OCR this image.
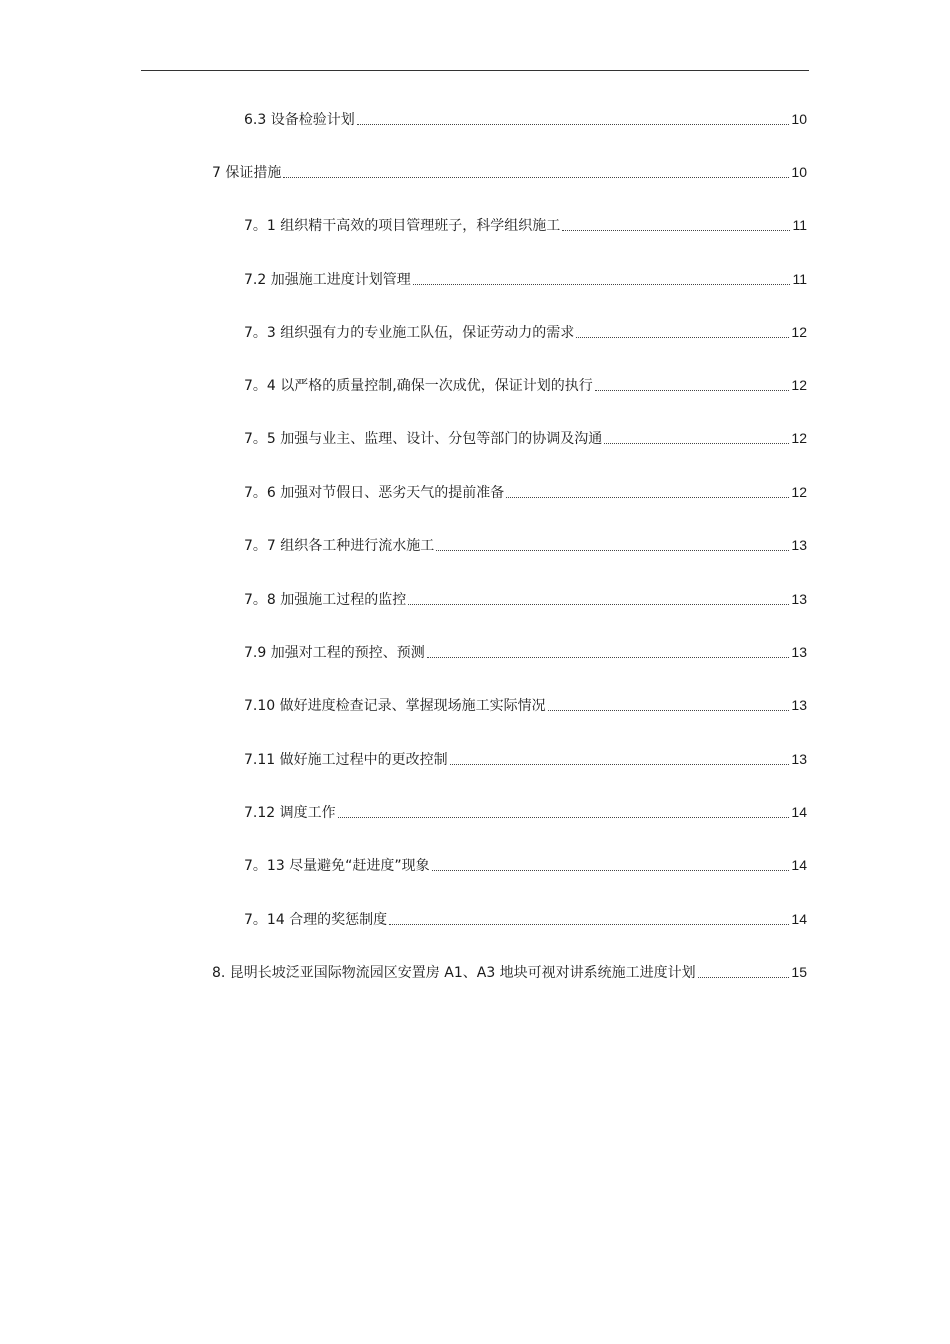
6.3 设备检验计划	10
7 保证措施	10
7。1 组织精干高效的项目管理班子，科学组织施工	11
7.2 加强施工进度计划管理	11
7。3 组织强有力的专业施工队伍，保证劳动力的需求	12
7。4 以严格的质量控制,确保一次成优，保证计划的执行	12
7。5 加强与业主、监理、设计、分包等部门的协调及沟通	12
7。6 加强对节假日、恶劣天气的提前准备	12
7。7 组织各工种进行流水施工	13
7。8 加强施工过程的监控	13
7.9 加强对工程的预控、预测	13
7.10 做好进度检查记录、掌握现场施工实际情况	13
7.11 做好施工过程中的更改控制	13
7.12 调度工作	14
7。13 尽量避免“赶进度”现象	14
7。14 合理的奖惩制度	14
8. 昆明长坡泛亚国际物流园区安置房 A1、A3 地块可视对讲系统施工进度计划	15
